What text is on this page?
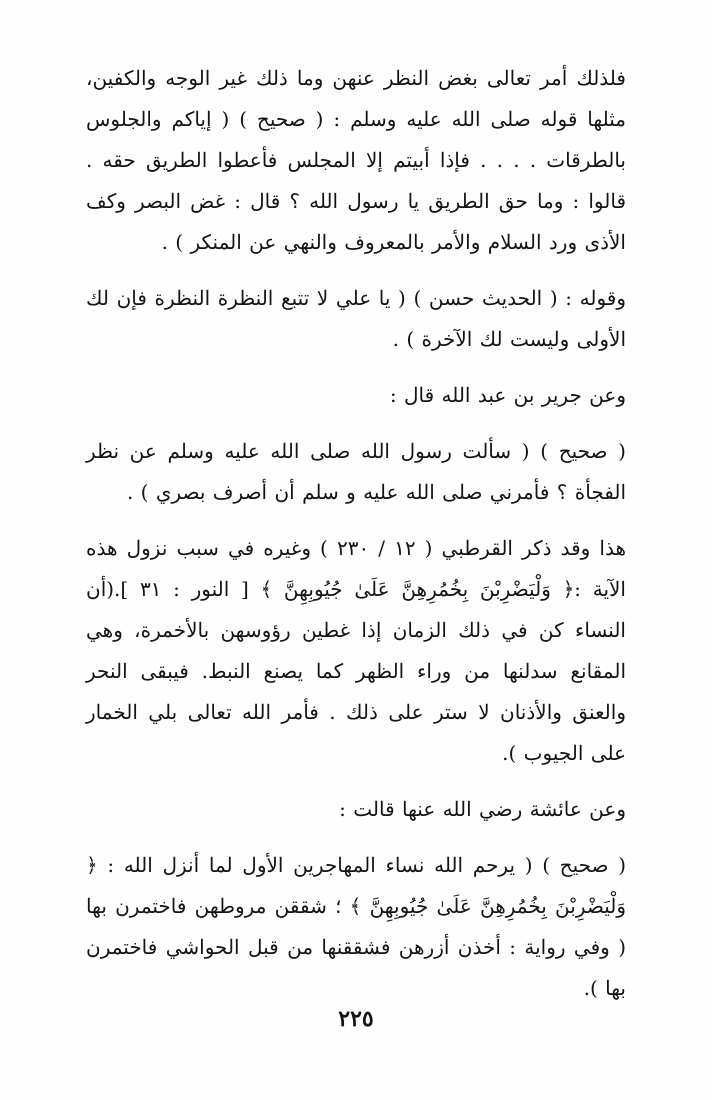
فلذلك أمر تعالى بغض النظر عنهن وما ذلك غير الوجه والكفين، مثلها قوله صلى الله عليه وسلم : ( صحيح ) ( إياكم والجلوس بالطرقات . . . . فإذا أبيتم إلا المجلس فأعطوا الطريق حقه . قالوا : وما حق الطريق يا رسول الله ؟ قال : غض البصر وكف الأذى ورد السلام والأمر بالمعروف والنهي عن المنكر ) .

وقوله : ( الحديث حسن ) ( يا علي لا تتبع النظرة النظرة فإن لك الأولى وليست لك الآخرة ) .

وعن جرير بن عبد الله قال :

( صحيح ) ( سألت رسول الله صلى الله عليه وسلم عن نظر الفجأة ؟ فأمرني صلى الله عليه و سلم أن أصرف بصري ) .

هذا وقد ذكر القرطبي ( ١٢ / ٢٣٠ ) وغيره في سبب نزول هذه الآية :﴿ وَلْيَضْرِبْنَ بِخُمُرِهِنَّ عَلَىٰ جُيُوبِهِنَّ ﴾ [ النور : ٣١ ].(أن النساء كن في ذلك الزمان إذا غطين رؤوسهن بالأخمرة، وهي المقانع سدلنها من وراء الظهر كما يصنع النبط. فيبقى النحر والعنق والأذنان لا ستر على ذلك . فأمر الله تعالى بلي الخمار على الجيوب ).

وعن عائشة رضي الله عنها قالت :

( صحيح ) ( يرحم الله نساء المهاجرين الأول لما أنزل الله : ﴿ وَلْيَضْرِبْنَ بِخُمُرِهِنَّ عَلَىٰ جُيُوبِهِنَّ ﴾ ؛ شققن مروطهن فاختمرن بها ( وفي رواية : أخذن أزرهن فشققنها من قبل الحواشي فاختمرن بها ).

٢٢٥
